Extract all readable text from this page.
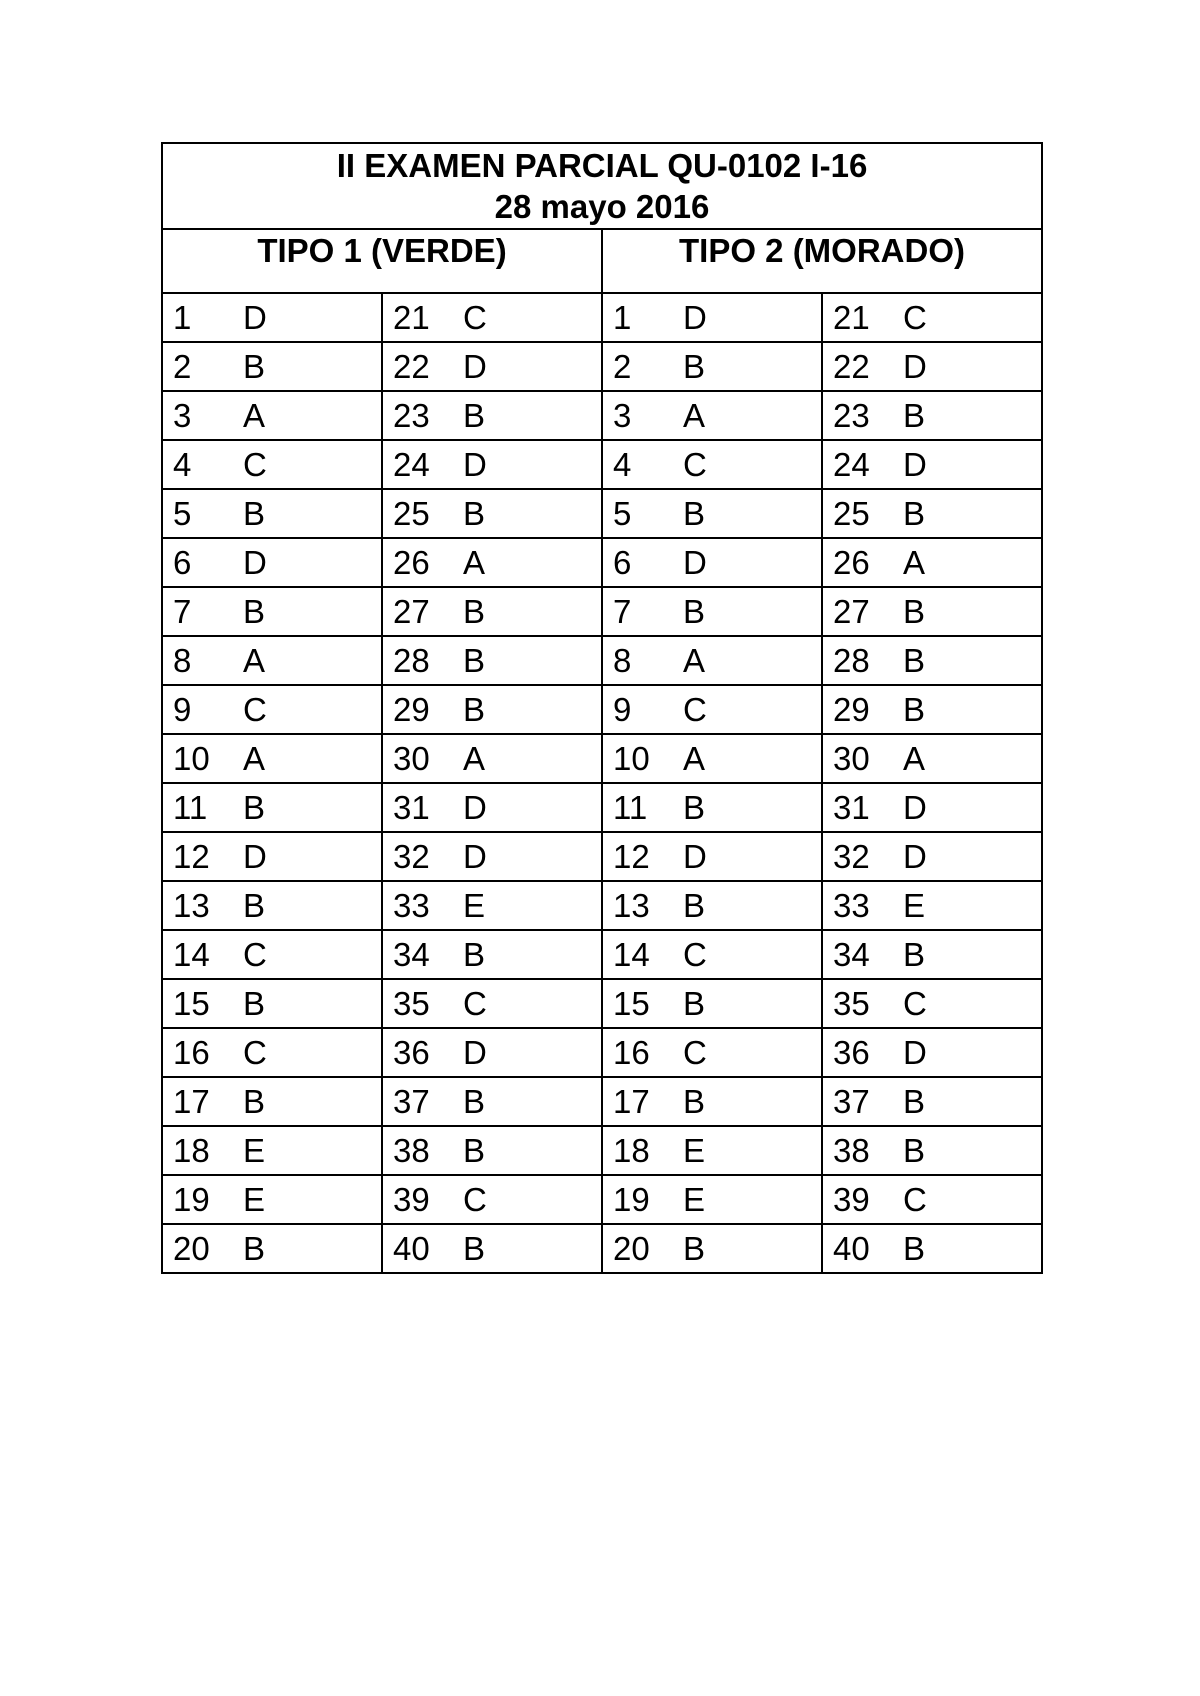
II EXAMEN PARCIAL QU-0102 I-16
28 mayo 2016			

TIPO 1 (VERDE)		TIPO 2 (MORADO)	
1 D	21 C	1 D	21 C
2 B	22 D	2 B	22 D
3 A	23 B	3 A	23 B
4 C	24 D	4 C	24 D
5 B	25 B	5 B	25 B
6 D	26 A	6 D	26 A
7 B	27 B	7 B	27 B
8 A	28 B	8 A	28 B
9 C	29 B	9 C	29 B
10 A	30 A	10 A	30 A
11 B	31 D	11 B	31 D
12 D	32 D	12 D	32 D
13 B	33 E	13 B	33 E
14 C	34 B	14 C	34 B
15 B	35 C	15 B	35 C
16 C	36 D	16 C	36 D
17 B	37 B	17 B	37 B
18 E	38 B	18 E	38 B
19 E	39 C	19 E	39 C
20 B	40 B	20 B	40 B
